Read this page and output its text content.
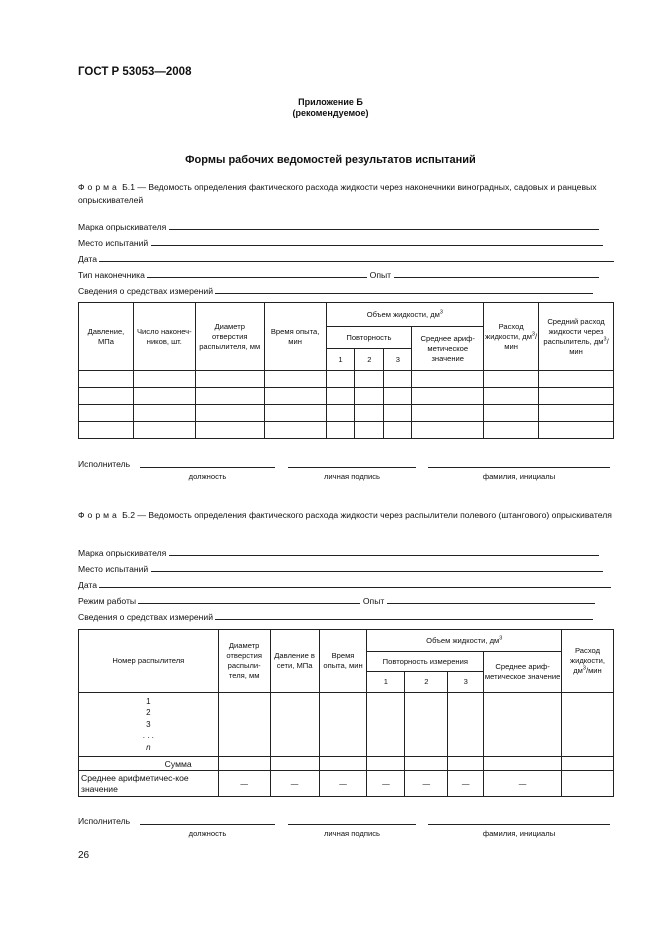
ГОСТ Р 53053—2008
Приложение Б
(рекомендуемое)
Формы рабочих ведомостей результатов испытаний
Форма Б.1 — Ведомость определения фактического расхода жидкости через наконечники виноградных, садовых и ранцевых опрыскивателей
Марка опрыскивателя
Место испытаний
Дата
Тип наконечника	Опыт
Сведения о средствах измерений
Давление, МПа	Число наконеч-ников, шт.	Диаметр отверстия распылителя, мм	Время опыта, мин	Объем жидкости, $дм^3$				Расход жидкости, $дм^3$/мин	Средний расход жидкости через распылитель, $дм^3$/мин
				Повторность			Среднее ариф-метическое значение		
				1	2	3			

Исполнитель
должность	личная подпись	фамилия, инициалы
Форма Б.2 — Ведомость определения фактического расхода жидкости через распылители полевого (штангового) опрыскивателя
Марка опрыскивателя
Место испытаний
Дата
Режим работы	Опыт
Сведения о средствах измерений
Номер распылителя	Диаметр отверстия распыли-теля, мм	Давление в сети, МПа	Время опыта, мин	Объем жидкости, $дм^3$				Расход жидкости, $дм^3$/мин
				Повторность измерения			Среднее ариф-метическое значение	
				1	2	3		

1
2
3
. . .
n								

Сумма								
Среднее арифметичес-кое значение	—	—	—	—	—	—	—	
Исполнитель
должность	личная подпись	фамилия, инициалы
26
